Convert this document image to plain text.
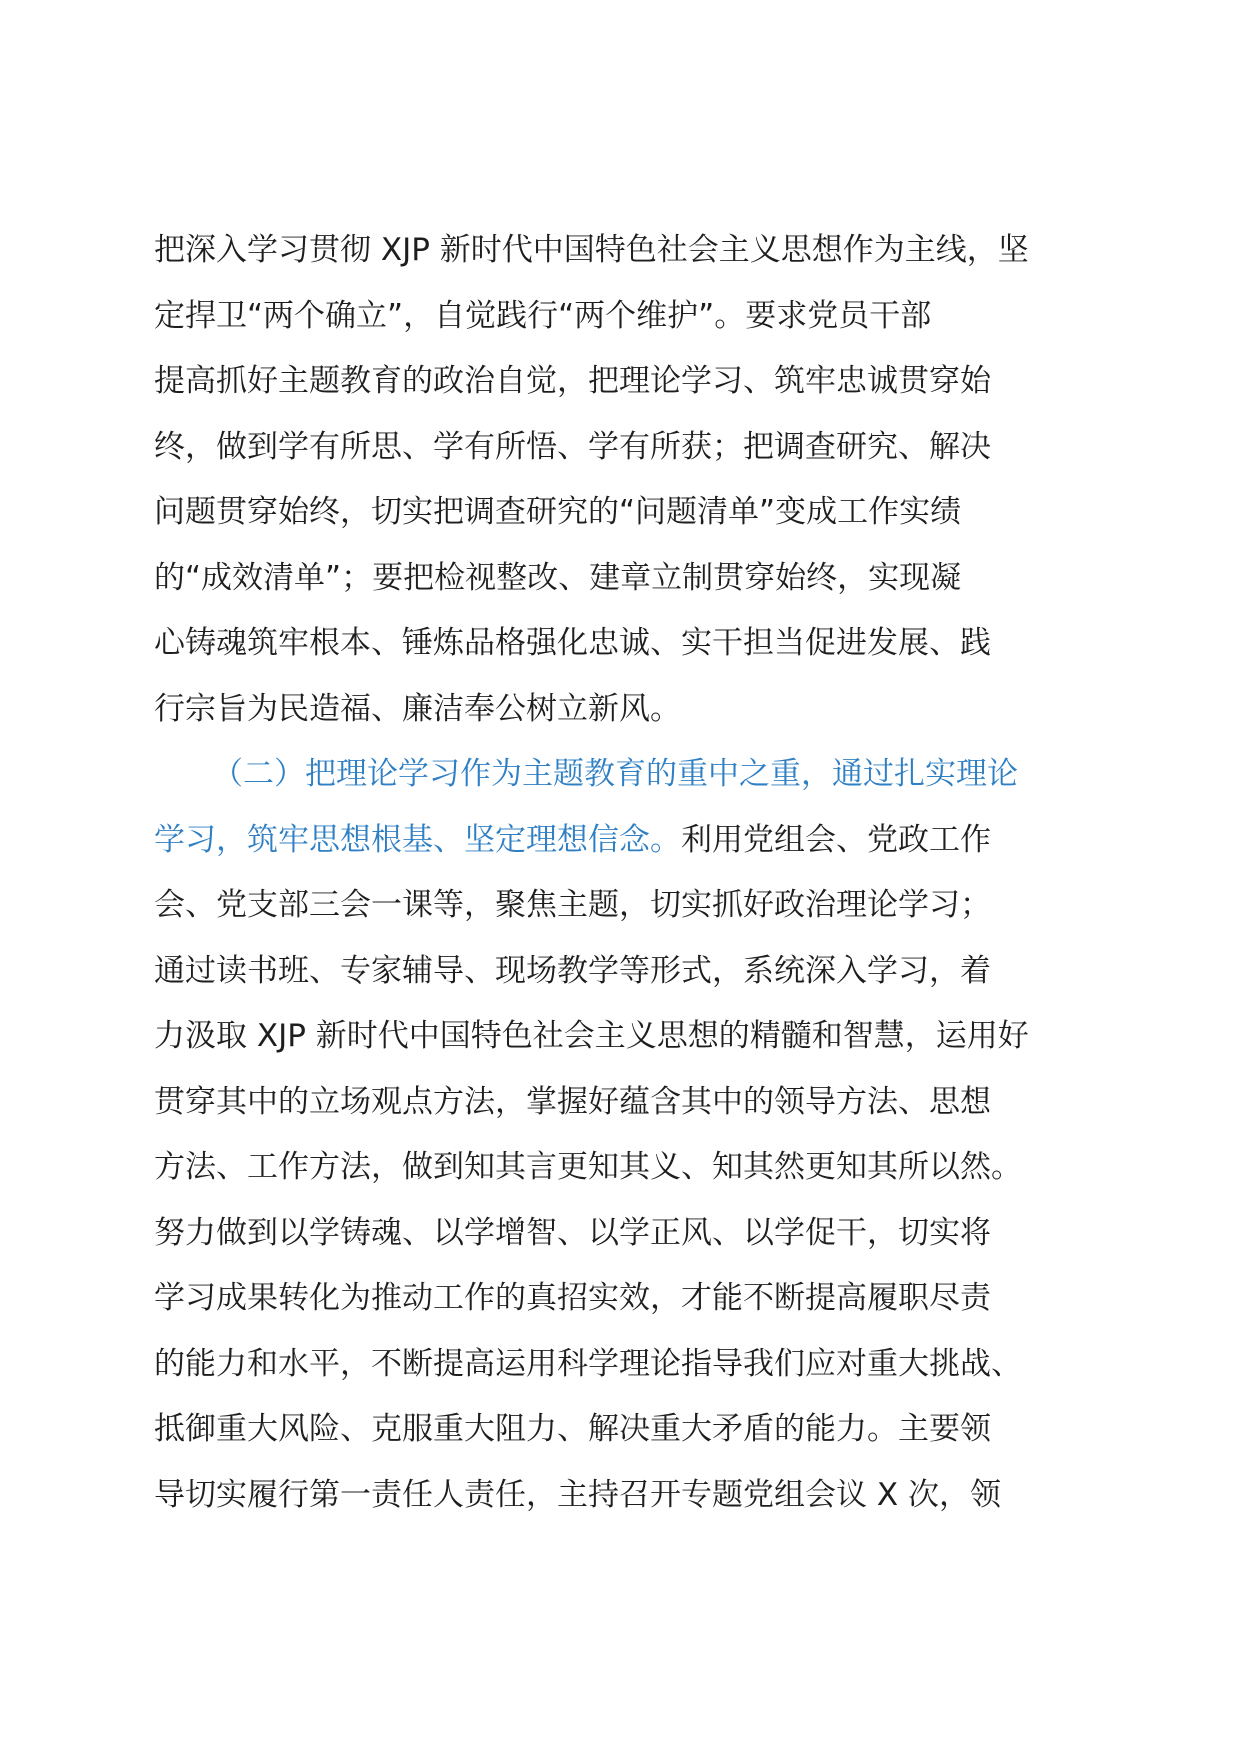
把深入学习贯彻 XJP 新时代中国特色社会主义思想作为主线，坚
定捍卫“两个确立”，自觉践行“两个维护”。要求党员干部
提高抓好主题教育的政治自觉，把理论学习、筑牢忠诚贯穿始
终，做到学有所思、学有所悟、学有所获；把调查研究、解决
问题贯穿始终，切实把调查研究的“问题清单”变成工作实绩
的“成效清单”；要把检视整改、建章立制贯穿始终，实现凝
心铸魂筑牢根本、锤炼品格强化忠诚、实干担当促进发展、践
行宗旨为民造福、廉洁奉公树立新风。
（二）把理论学习作为主题教育的重中之重，通过扎实理论
学习，筑牢思想根基、坚定理想信念。利用党组会、党政工作
会、党支部三会一课等，聚焦主题，切实抓好政治理论学习；
通过读书班、专家辅导、现场教学等形式，系统深入学习，着
力汲取 XJP 新时代中国特色社会主义思想的精髓和智慧，运用好
贯穿其中的立场观点方法，掌握好蕴含其中的领导方法、思想
方法、工作方法，做到知其言更知其义、知其然更知其所以然。
努力做到以学铸魂、以学增智、以学正风、以学促干，切实将
学习成果转化为推动工作的真招实效，才能不断提高履职尽责
的能力和水平，不断提高运用科学理论指导我们应对重大挑战、
抵御重大风险、克服重大阻力、解决重大矛盾的能力。主要领
导切实履行第一责任人责任，主持召开专题党组会议 X 次，领
